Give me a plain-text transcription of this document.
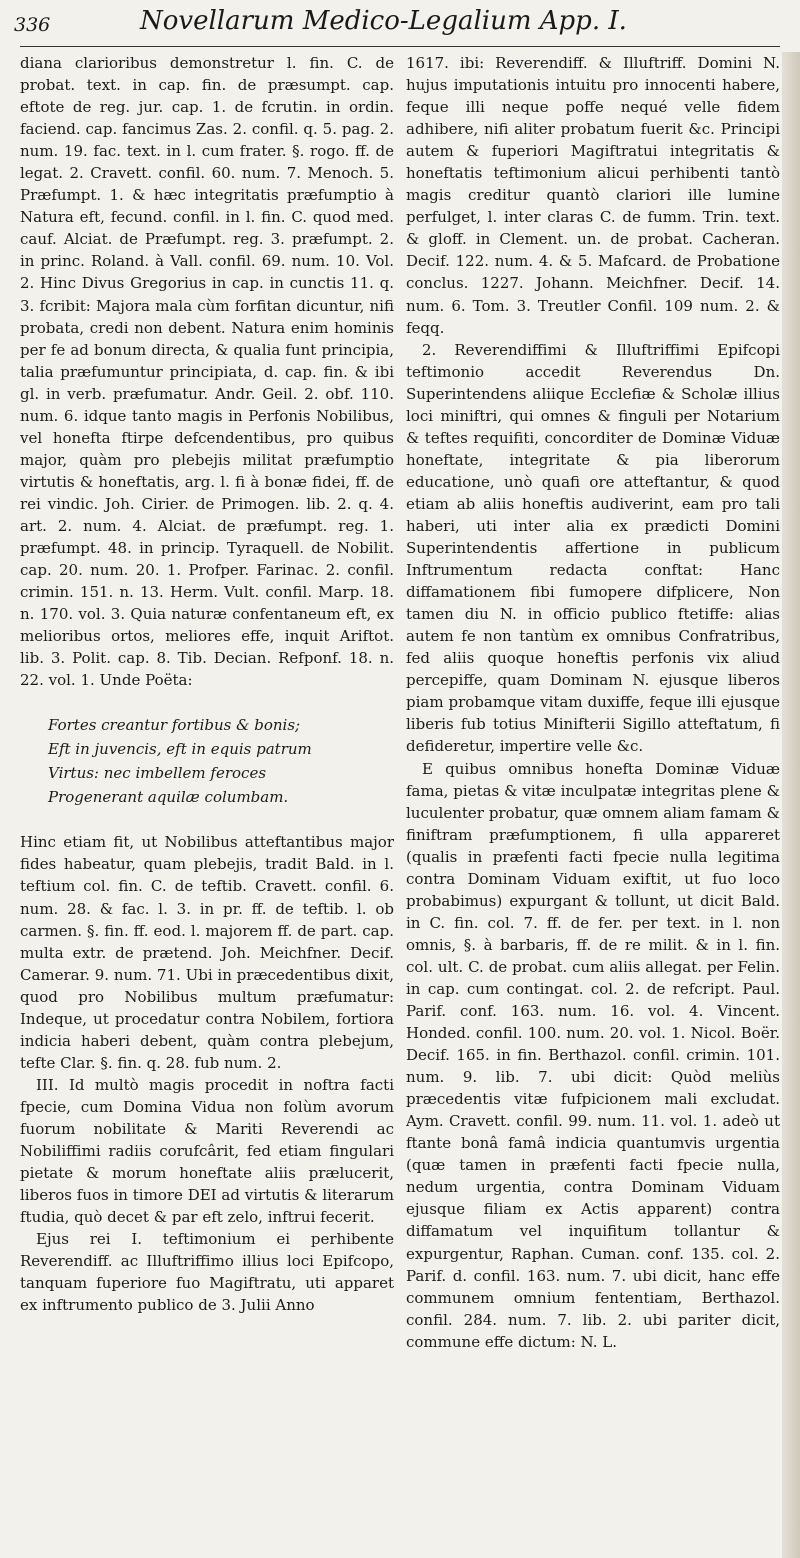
336	Novellarum Medico-Legalium App. I.

diana clarioribus demonstretur l. fin. C. de probat. text. in cap. fin. de præsumpt. cap. eftote de reg. jur. cap. 1. de fcrutin. in ordin. faciend. cap. fancimus Zas. 2. confil. q. 5. pag. 2. num. 19. fac. text. in l. cum frater. §. rogo. ff. de legat. 2. Cravett. confil. 60. num. 7. Menoch. 5. Præfumpt. 1. & hæc integritatis præfumptio à Natura eft, fecund. confil. in l. fin. C. quod med. cauf. Alciat. de Præfumpt. reg. 3. præfumpt. 2. in princ. Roland. à Vall. confil. 69. num. 10. Vol. 2. Hinc Divus Gregorius in cap. in cunctis 11. q. 3. fcribit: Majora mala cùm forfitan dicuntur, nifi probata, credi non debent. Natura enim hominis per fe ad bonum directa, & qualia funt principia, talia præfumuntur principiata, d. cap. fin. & ibi gl. in verb. præfumatur. Andr. Geil. 2. obf. 110. num. 6. idque tanto magis in Perfonis Nobilibus, vel honefta ftirpe defcendentibus, pro quibus major, quàm pro plebejis militat præfumptio virtutis & honeftatis, arg. l. fi à bonæ fidei, ff. de rei vindic. Joh. Cirier. de Primogen. lib. 2. q. 4. art. 2. num. 4. Alciat. de præfumpt. reg. 1. præfumpt. 48. in princip. Tyraquell. de Nobilit. cap. 20. num. 20. 1. Profper. Farinac. 2. confil. crimin. 151. n. 13. Herm. Vult. confil. Marp. 18. n. 170. vol. 3. Quia naturæ confentaneum eft, ex melioribus ortos, meliores effe, inquit Ariftot. lib. 3. Polit. cap. 8. Tib. Decian. Refponf. 18. n. 22. vol. 1. Unde Poëta:

Fortes creantur fortibus & bonis;
Eft in juvencis, eft in equis patrum
Virtus: nec imbellem feroces
Progenerant aquilæ columbam.

Hinc etiam fit, ut Nobilibus atteftantibus major fides habeatur, quam plebejis, tradit Bald. in l. teftium col. fin. C. de teftib. Cravett. confil. 6. num. 28. & fac. l. 3. in pr. ff. de teftib. l. ob carmen. §. fin. ff. eod. l. majorem ff. de part. cap. multa extr. de prætend. Joh. Meichfner. Decif. Camerar. 9. num. 71. Ubi in præcedentibus dixit, quod pro Nobilibus multum præfumatur: Indeque, ut procedatur contra Nobilem, fortiora indicia haberi debent, quàm contra plebejum, tefte Clar. §. fin. q. 28. fub num. 2.

III. Id multò magis procedit in noftra facti fpecie, cum Domina Vidua non folùm avorum fuorum nobilitate & Mariti Reverendi ac Nobiliffimi radiis corufcârit, fed etiam fingulari pietate & morum honeftate aliis prælucerit, liberos fuos in timore DEI ad virtutis & literarum ftudia, quò decet & par eft zelo, inftrui fecerit.

Ejus rei I. teftimonium ei perhibente Reverendiff. ac Illuftriffimo illius loci Epifcopo, tanquam fuperiore fuo Magiftratu, uti apparet ex inftrumento publico de 3. Julii Anno

1617. ibi: Reverendiff. & Illuftriff. Domini N. hujus imputationis intuitu pro innocenti habere, feque illi neque poffe nequé velle fidem adhibere, nifi aliter probatum fuerit &c. Principi autem & fuperiori Magiftratui integritatis & honeftatis teftimonium alicui perhibenti tantò magis creditur quantò clariori ille lumine perfulget, l. inter claras C. de fumm. Trin. text. & gloff. in Clement. un. de probat. Cacheran. Decif. 122. num. 4. & 5. Mafcard. de Probatione conclus. 1227. Johann. Meichfner. Decif. 14. num. 6. Tom. 3. Treutler Confil. 109 num. 2. & feqq.

2. Reverendiffimi & Illuftriffimi Epifcopi teftimonio accedit Reverendus Dn. Superintendens aliique Ecclefiæ & Scholæ illius loci miniftri, qui omnes & finguli per Notarium & teftes requifiti, concorditer de Dominæ Viduæ honeftate, integritate & pia liberorum educatione, unò quafi ore atteftantur, & quod etiam ab aliis honeftis audiverint, eam pro tali haberi, uti inter alia ex prædicti Domini Superintendentis affertione in publicum Inftrumentum redacta conftat: Hanc diffamationem fibi fumopere difplicere, Non tamen diu N. in officio publico ftetiffe: alias autem fe non tantùm ex omnibus Confratribus, fed aliis quoque honeftis perfonis vix aliud percepiffe, quam Dominam N. ejusque liberos piam probamque vitam duxiffe, feque illi ejusque liberis fub totius Minifterii Sigillo atteftatum, fi defideretur, impertire velle &c.

E quibus omnibus honefta Dominæ Viduæ fama, pietas & vitæ inculpatæ integritas plene & luculenter probatur, quæ omnem aliam famam & finiftram præfumptionem, fi ulla appareret (qualis in præfenti facti fpecie nulla legitima contra Dominam Viduam exiftit, ut fuo loco probabimus) expurgant & tollunt, ut dicit Bald. in C. fin. col. 7. ff. de fer. per text. in l. non omnis, §. à barbaris, ff. de re milit. & in l. fin. col. ult. C. de probat. cum aliis allegat. per Felin. in cap. cum contingat. col. 2. de refcript. Paul. Parif. conf. 163. num. 16. vol. 4. Vincent. Honded. confil. 100. num. 20. vol. 1. Nicol. Boër. Decif. 165. in fin. Berthazol. confil. crimin. 101. num. 9. lib. 7. ubi dicit: Quòd meliùs præcedentis vitæ fufpicionem mali excludat. Aym. Cravett. confil. 99. num. 11. vol. 1. adeò ut ftante bonâ famâ indicia quantumvis urgentia (quæ tamen in præfenti facti fpecie nulla, nedum urgentia, contra Dominam Viduam ejusque filiam ex Actis apparent) contra diffamatum vel inquifitum tollantur & expurgentur, Raphan. Cuman. conf. 135. col. 2. Parif. d. confil. 163. num. 7. ubi dicit, hanc effe communem omnium fententiam, Berthazol. confil. 284. num. 7. lib. 2. ubi pariter dicit, commune effe dictum: N. L.
